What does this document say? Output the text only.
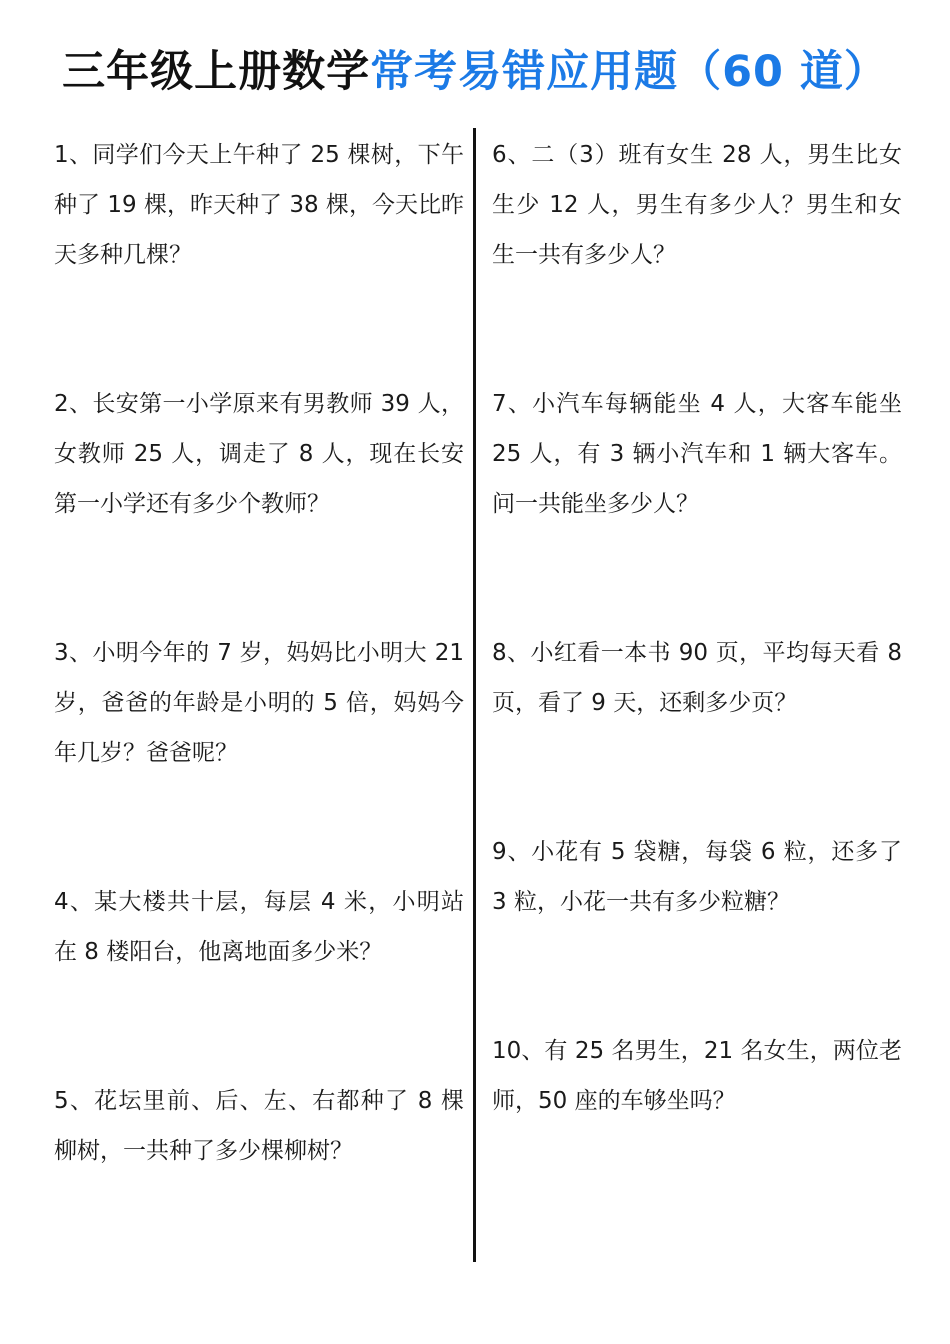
三年级上册数学常考易错应用题（60 道）
1、同学们今天上午种了 25 棵树，下午种了 19 棵，昨天种了 38 棵，今天比昨天多种几棵？
2、长安第一小学原来有男教师 39 人，女教师 25 人，调走了 8 人，现在长安第一小学还有多少个教师？
3、小明今年的 7 岁，妈妈比小明大 21 岁，爸爸的年龄是小明的 5 倍，妈妈今年几岁？爸爸呢？
4、某大楼共十层，每层 4 米，小明站在 8 楼阳台，他离地面多少米？
5、花坛里前、后、左、右都种了 8 棵柳树，一共种了多少棵柳树？
6、二（3）班有女生 28 人，男生比女生少 12 人，男生有多少人？男生和女生一共有多少人？
7、小汽车每辆能坐 4 人，大客车能坐 25 人，有 3 辆小汽车和 1 辆大客车。问一共能坐多少人？
8、小红看一本书 90 页，平均每天看 8 页，看了 9 天，还剩多少页？
9、小花有 5 袋糖，每袋 6 粒，还多了 3 粒，小花一共有多少粒糖？
10、有 25 名男生，21 名女生，两位老师，50 座的车够坐吗？
